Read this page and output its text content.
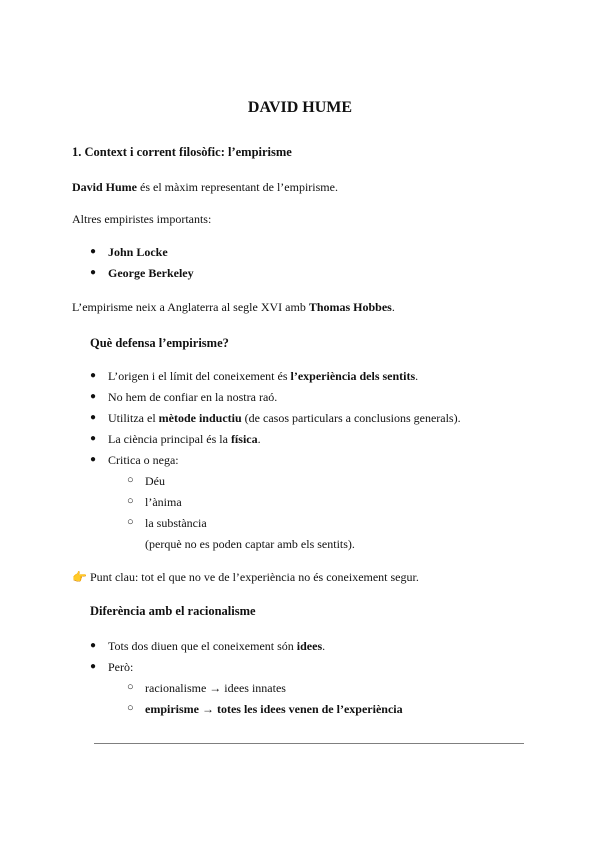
DAVID HUME
1. Context i corrent filosòfic: l’empirisme
David Hume és el màxim representant de l’empirisme.
Altres empiristes importants:
● John Locke
● George Berkeley
L’empirisme neix a Anglaterra al segle XVI amb Thomas Hobbes.
Què defensa l’empirisme?
● L’origen i el límit del coneixement és l’experiència dels sentits.
● No hem de confiar en la nostra raó.
● Utilitza el mètode inductiu (de casos particulars a conclusions generals).
● La ciència principal és la física.
● Critica o nega:
○ Déu
○ l’ànima
○ la substància
(perquè no es poden captar amb els sentits).
👉 Punt clau: tot el que no ve de l’experiència no és coneixement segur.
Diferència amb el racionalisme
● Tots dos diuen que el coneixement són idees.
● Però:
○ racionalisme → idees innates
○ empirisme → totes les idees venen de l’experiència
